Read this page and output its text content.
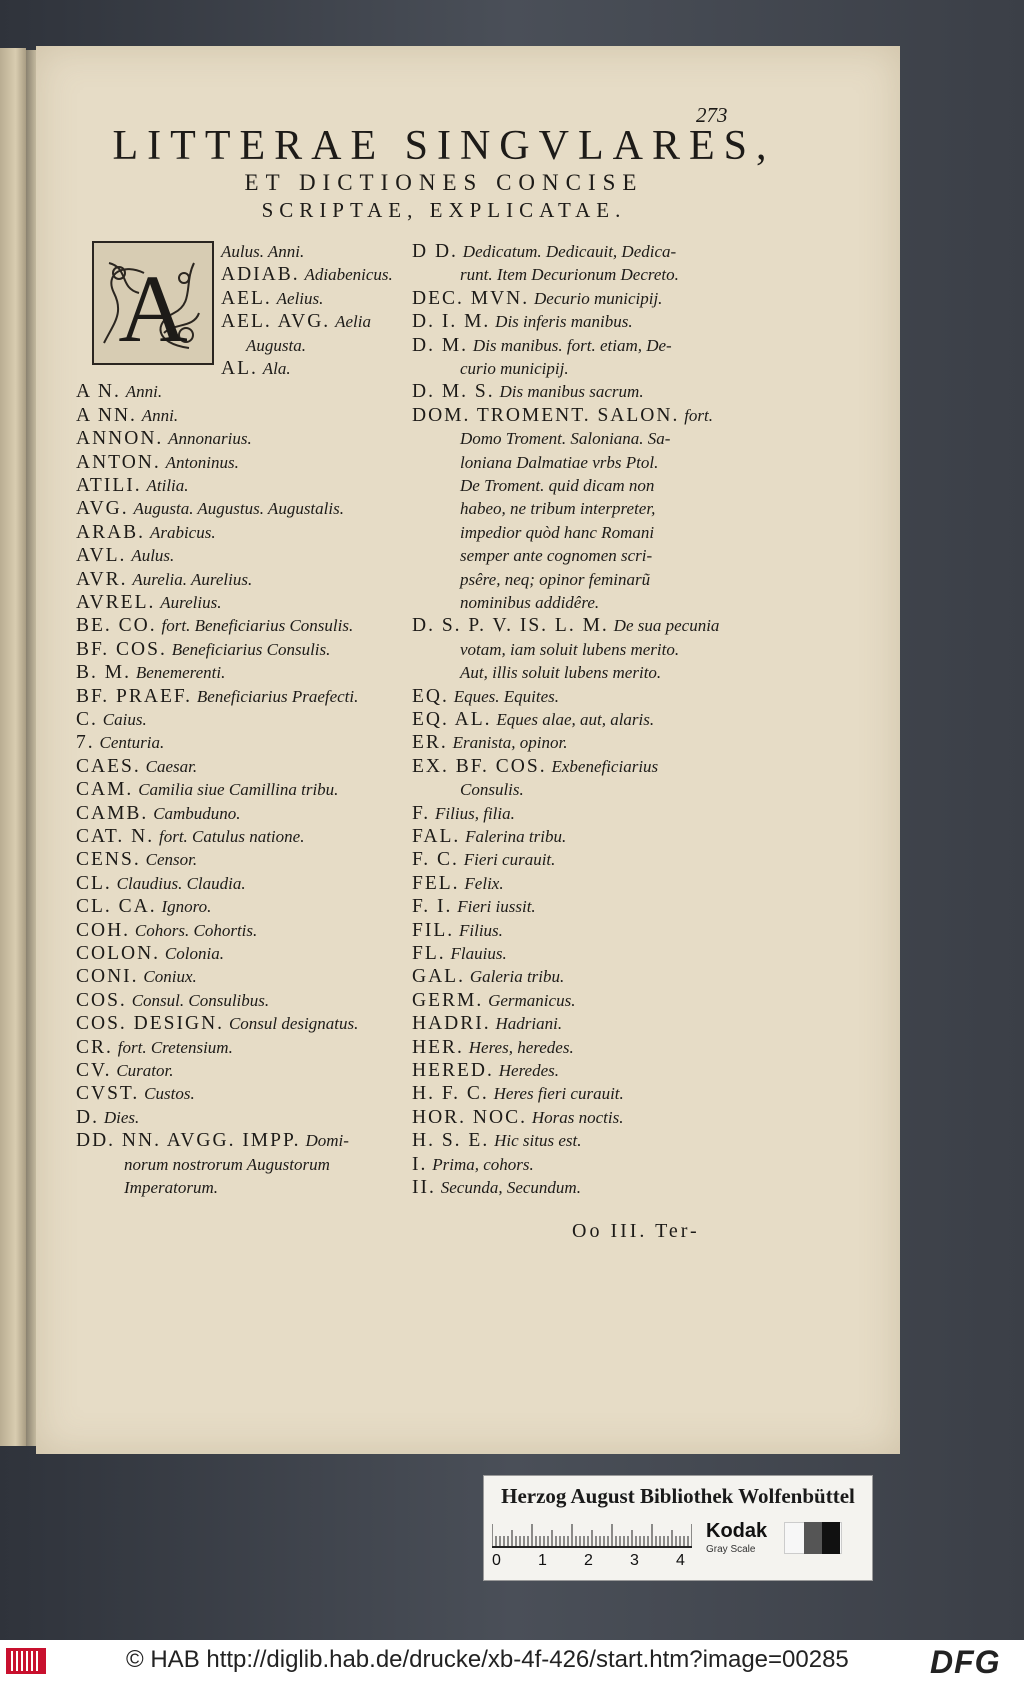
273
LITTERAE SINGVLARES,
ET DICTIONES CONCISE
SCRIPTAE, EXPLICATAE.
A
Aulus. Anni.
ADIAB. Adiabenicus.
AEL. Aelius.
AEL. AVG. Aelia
Augusta.
AL. Ala.
A N. Anni.
A NN. Anni.
ANNON. Annonarius.
ANTON. Antoninus.
ATILI. Atilia.
AVG. Augusta. Augustus. Augustalis.
ARAB. Arabicus.
AVL. Aulus.
AVR. Aurelia. Aurelius.
AVREL. Aurelius.
BE. CO. fort. Beneficiarius Consulis.
BF. COS. Beneficiarius Consulis.
B. M. Benemerenti.
BF. PRAEF. Beneficiarius Praefecti.
C. Caius.
7. Centuria.
CAES. Caesar.
CAM. Camilia siue Camillina tribu.
CAMB. Cambuduno.
CAT. N. fort. Catulus natione.
CENS. Censor.
CL. Claudius. Claudia.
CL. CA. Ignoro.
COH. Cohors. Cohortis.
COLON. Colonia.
CONI. Coniux.
COS. Consul. Consulibus.
COS. DESIGN. Consul designatus.
CR. fort. Cretensium.
CV. Curator.
CVST. Custos.
D. Dies.
DD. NN. AVGG. IMPP. Domi-
norum nostrorum Augustorum
Imperatorum.
D D. Dedicatum. Dedicauit, Dedica-
runt. Item Decurionum Decreto.
DEC. MVN. Decurio municipij.
D. I. M. Dis inferis manibus.
D. M. Dis manibus. fort. etiam, De-
curio municipij.
D. M. S. Dis manibus sacrum.
DOM. TROMENT. SALON. fort.
Domo Troment. Saloniana. Sa-
loniana Dalmatiae vrbs Ptol.
De Troment. quid dicam non
habeo, ne tribum interpreter,
impedior quòd hanc Romani
semper ante cognomen scri-
psêre, neq; opinor feminarũ
nominibus addidêre.
D. S. P. V. IS. L. M. De sua pecunia
votam, iam soluit lubens merito.
Aut, illis soluit lubens merito.
EQ. Eques. Equites.
EQ. AL. Eques alae, aut, alaris.
ER. Eranista, opinor.
EX. BF. COS. Exbeneficiarius
Consulis.
F. Filius, filia.
FAL. Falerina tribu.
F. C. Fieri curauit.
FEL. Felix.
F. I. Fieri iussit.
FIL. Filius.
FL. Flauius.
GAL. Galeria tribu.
GERM. Germanicus.
HADRI. Hadriani.
HER. Heres, heredes.
HERED. Heredes.
H. F. C. Heres fieri curauit.
HOR. NOC. Horas noctis.
H. S. E. Hic situs est.
I. Prima, cohors.
II. Secunda, Secundum.
Oo III. Ter-
Herzog August Bibliothek Wolfenbüttel
0 1 2 3 4
Kodak
Gray Scale
© HAB http://diglib.hab.de/drucke/xb-4f-426/start.htm?image=00285	DFG
